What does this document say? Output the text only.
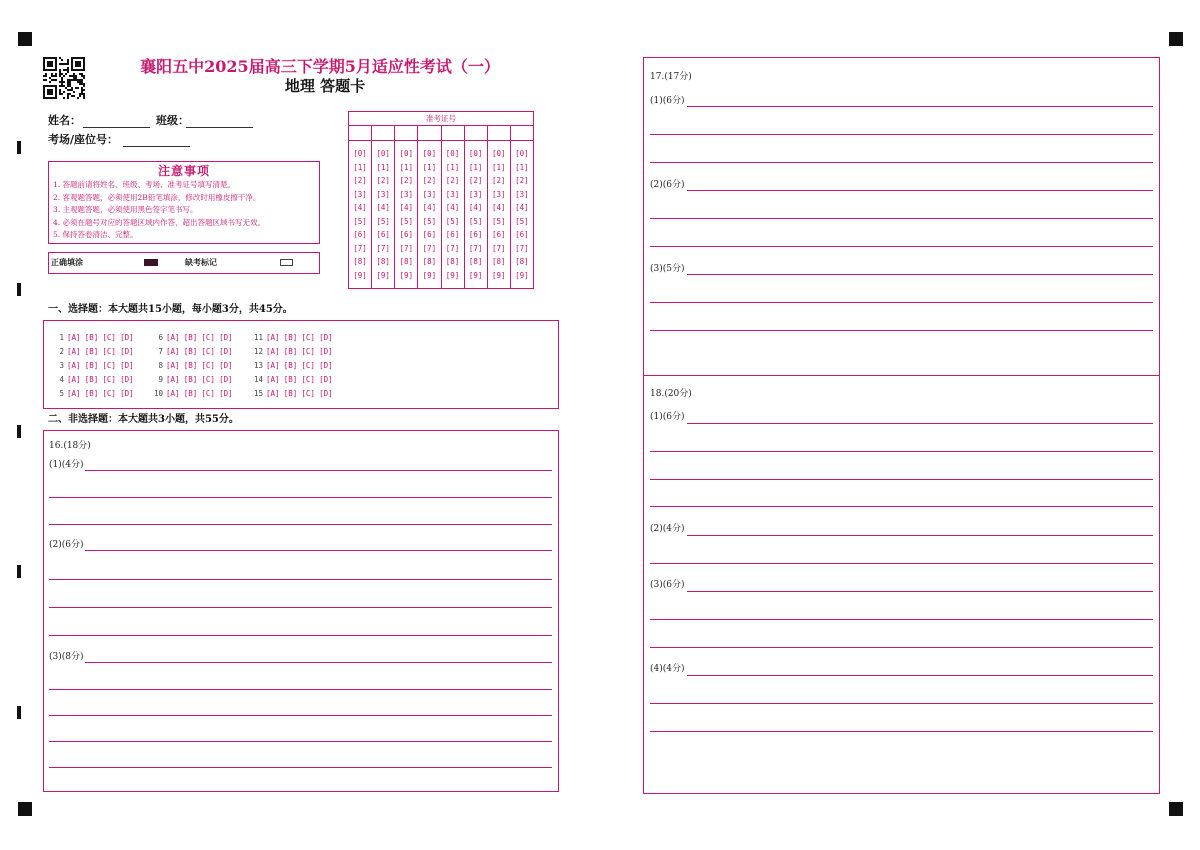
襄阳五中2025届高三下学期5月适应性考试（一）
地理 答题卡
姓名：	班级：
考场/座位号：
注意事项
1. 答题前请将姓名、班级、考场、准考证号填写清楚。
2. 客观题答题，必须使用2B铅笔填涂，修改时用橡皮擦干净。
3. 主观题答题，必须使用黑色签字笔书写。
4. 必须在题号对应的答题区域内作答，超出答题区域书写无效。
5. 保持答卷清洁、完整。
正确填涂	缺考标记
准考证号
[0]
[1]
[2]
[3]
[4]
[5]
[6]
[7]
[8]
[9]
[0]
[1]
[2]
[3]
[4]
[5]
[6]
[7]
[8]
[9]
[0]
[1]
[2]
[3]
[4]
[5]
[6]
[7]
[8]
[9]
[0]
[1]
[2]
[3]
[4]
[5]
[6]
[7]
[8]
[9]
[0]
[1]
[2]
[3]
[4]
[5]
[6]
[7]
[8]
[9]
[0]
[1]
[2]
[3]
[4]
[5]
[6]
[7]
[8]
[9]
[0]
[1]
[2]
[3]
[4]
[5]
[6]
[7]
[8]
[9]
[0]
[1]
[2]
[3]
[4]
[5]
[6]
[7]
[8]
[9]
一、选择题：本大题共15小题，每小题3分，共45分。
1 [A] [B] [C] [D]
2 [A] [B] [C] [D]
3 [A] [B] [C] [D]
4 [A] [B] [C] [D]
5 [A] [B] [C] [D]
6 [A] [B] [C] [D]
7 [A] [B] [C] [D]
8 [A] [B] [C] [D]
9 [A] [B] [C] [D]
10 [A] [B] [C] [D]
11 [A] [B] [C] [D]
12 [A] [B] [C] [D]
13 [A] [B] [C] [D]
14 [A] [B] [C] [D]
15 [A] [B] [C] [D]
二、非选择题：本大题共3小题，共55分。
16.(18分)
(1)(4分)
(2)(6分)
(3)(8分)
17.(17分)
(1)(6分)
(2)(6分)
(3)(5分)
18.(20分)
(1)(6分)
(2)(4分)
(3)(6分)
(4)(4分)
